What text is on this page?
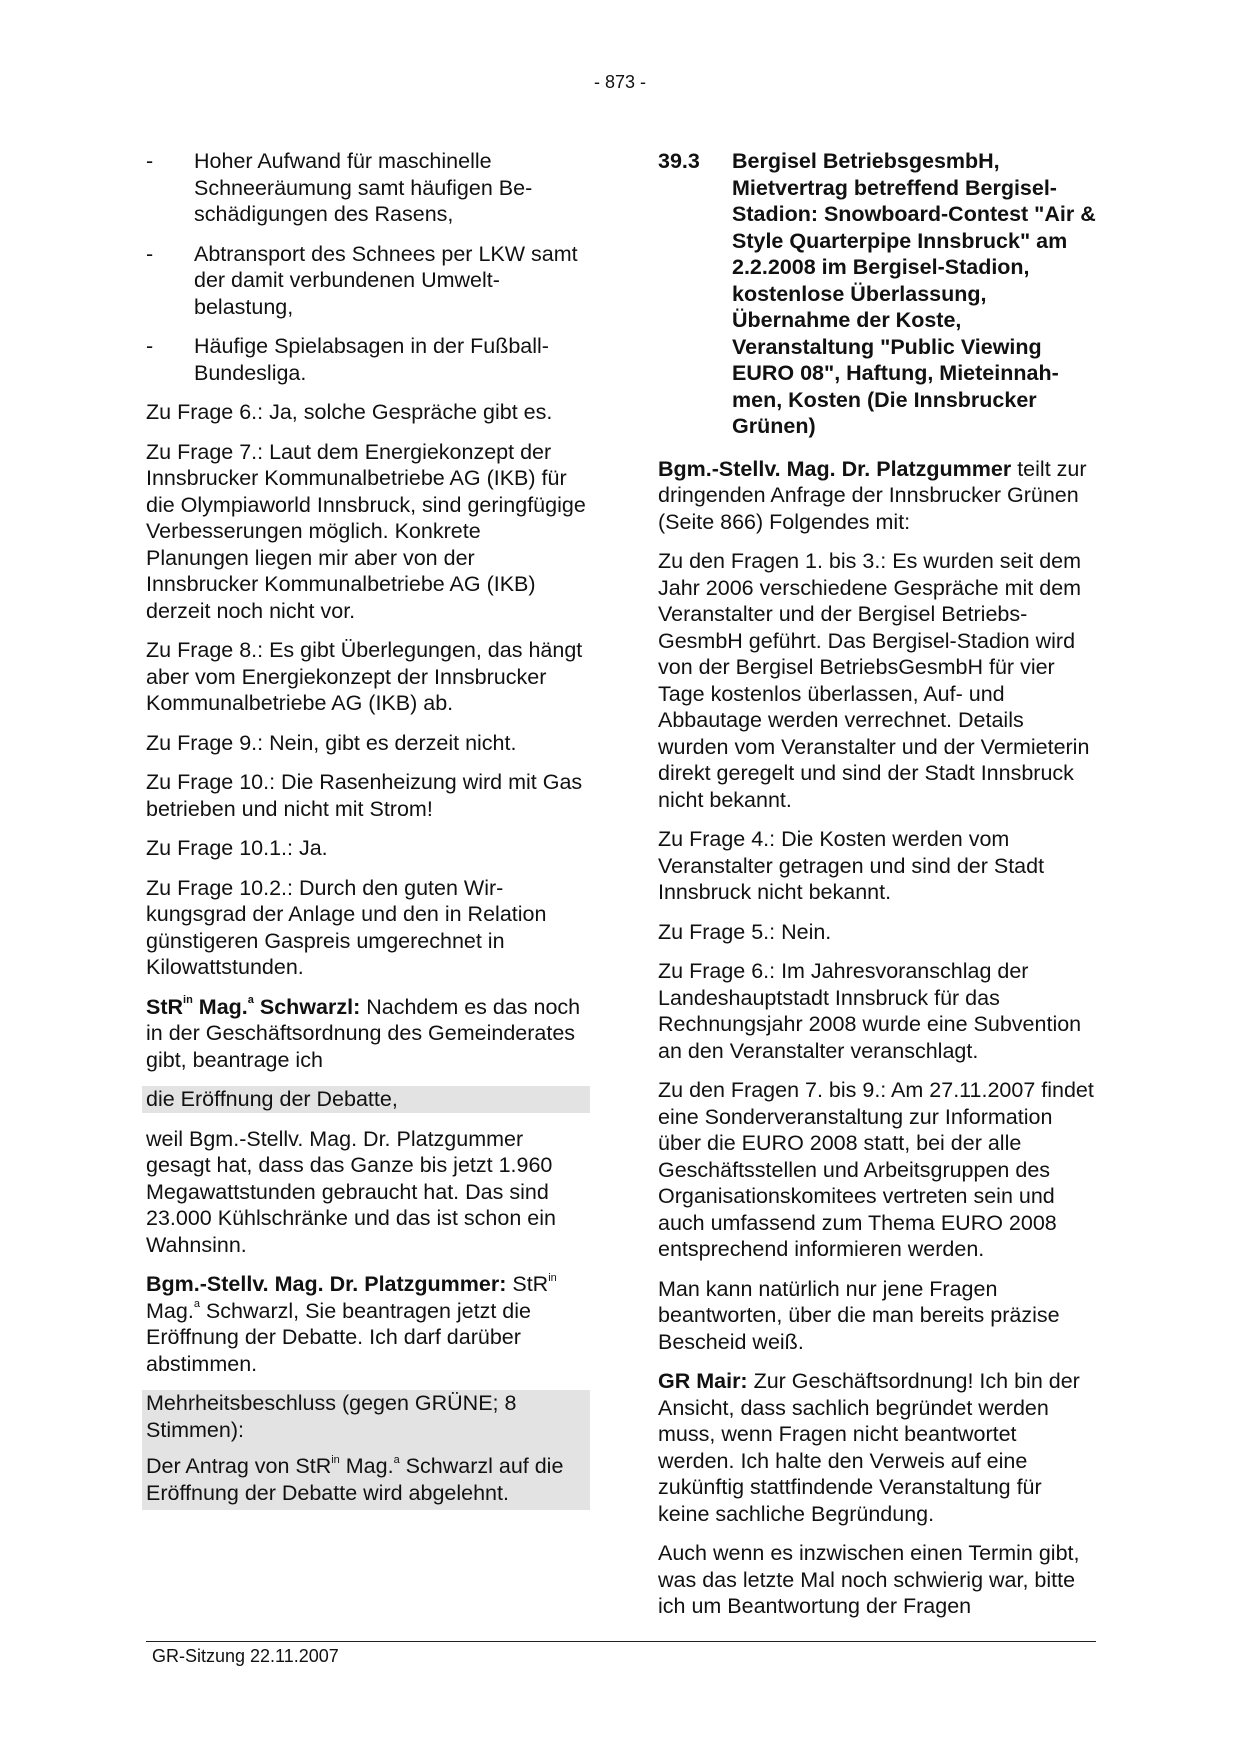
- 873 -
-	Hoher Aufwand für maschinelle Schneeräumung samt häufigen Beschädigungen des Rasens,
-	Abtransport des Schnees per LKW samt der damit verbundenen Umweltbelastung,
-	Häufige Spielabsagen in der Fußball-Bundesliga.
Zu Frage 6.: Ja, solche Gespräche gibt es.
Zu Frage 7.: Laut dem Energiekonzept der Innsbrucker Kommunalbetriebe AG (IKB) für die Olympiaworld Innsbruck, sind geringfügige Verbesserungen möglich. Konkrete Planungen liegen mir aber von der Innsbrucker Kommunalbetriebe AG (IKB) derzeit noch nicht vor.
Zu Frage 8.: Es gibt Überlegungen, das hängt aber vom Energiekonzept der Innsbrucker Kommunalbetriebe AG (IKB) ab.
Zu Frage 9.: Nein, gibt es derzeit nicht.
Zu Frage 10.: Die Rasenheizung wird mit Gas betrieben und nicht mit Strom!
Zu Frage 10.1.: Ja.
Zu Frage 10.2.: Durch den guten Wirkungsgrad der Anlage und den in Relation günstigeren Gaspreis umgerechnet in Kilowattstunden.
StR$^{in}$ Mag.$^a$ Schwarzl: Nachdem es das noch in der Geschäftsordnung des Gemeinderates gibt, beantrage ich
die Eröffnung der Debatte,
weil Bgm.-Stellv. Mag. Dr. Platzgummer gesagt hat, dass das Ganze bis jetzt 1.960 Megawattstunden gebraucht hat. Das sind 23.000 Kühlschränke und das ist schon ein Wahnsinn.
Bgm.-Stellv. Mag. Dr. Platzgummer: StR$^{in}$ Mag.$^a$ Schwarzl, Sie beantragen jetzt die Eröffnung der Debatte. Ich darf darüber abstimmen.
Mehrheitsbeschluss (gegen GRÜNE; 8 Stimmen):
Der Antrag von StR$^{in}$ Mag.$^a$ Schwarzl auf die Eröffnung der Debatte wird abgelehnt.
39.3	Bergisel BetriebsgesmbH, Mietvertrag betreffend Bergisel-Stadion: Snowboard-Contest "Air & Style Quarterpipe Innsbruck" am 2.2.2008 im Bergisel-Stadion, kostenlose Überlassung, Übernahme der Koste, Veranstaltung "Public Viewing EURO 08", Haftung, Mieteinnahmen, Kosten (Die Innsbrucker Grünen)
Bgm.-Stellv. Mag. Dr. Platzgummer teilt zur dringenden Anfrage der Innsbrucker Grünen (Seite 866) Folgendes mit:
Zu den Fragen 1. bis 3.: Es wurden seit dem Jahr 2006 verschiedene Gespräche mit dem Veranstalter und der Bergisel Betriebs-GesmbH geführt. Das Bergisel-Stadion wird von der Bergisel BetriebsGesmbH für vier Tage kostenlos überlassen, Auf- und Abbautage werden verrechnet. Details wurden vom Veranstalter und der Vermieterin direkt geregelt und sind der Stadt Innsbruck nicht bekannt.
Zu Frage 4.: Die Kosten werden vom Veranstalter getragen und sind der Stadt Innsbruck nicht bekannt.
Zu Frage 5.: Nein.
Zu Frage 6.: Im Jahresvoranschlag der Landeshauptstadt Innsbruck für das Rechnungsjahr 2008 wurde eine Subvention an den Veranstalter veranschlagt.
Zu den Fragen 7. bis 9.: Am 27.11.2007 findet eine Sonderveranstaltung zur Information über die EURO 2008 statt, bei der alle Geschäftsstellen und Arbeitsgruppen des Organisationskomitees vertreten sein und auch umfassend zum Thema EURO 2008 entsprechend informieren werden.
Man kann natürlich nur jene Fragen beantworten, über die man bereits präzise Bescheid weiß.
GR Mair: Zur Geschäftsordnung! Ich bin der Ansicht, dass sachlich begründet werden muss, wenn Fragen nicht beantwortet werden. Ich halte den Verweis auf eine zukünftig stattfindende Veranstaltung für keine sachliche Begründung.
Auch wenn es inzwischen einen Termin gibt, was das letzte Mal noch schwierig war, bitte ich um Beantwortung der Fragen
GR-Sitzung 22.11.2007
